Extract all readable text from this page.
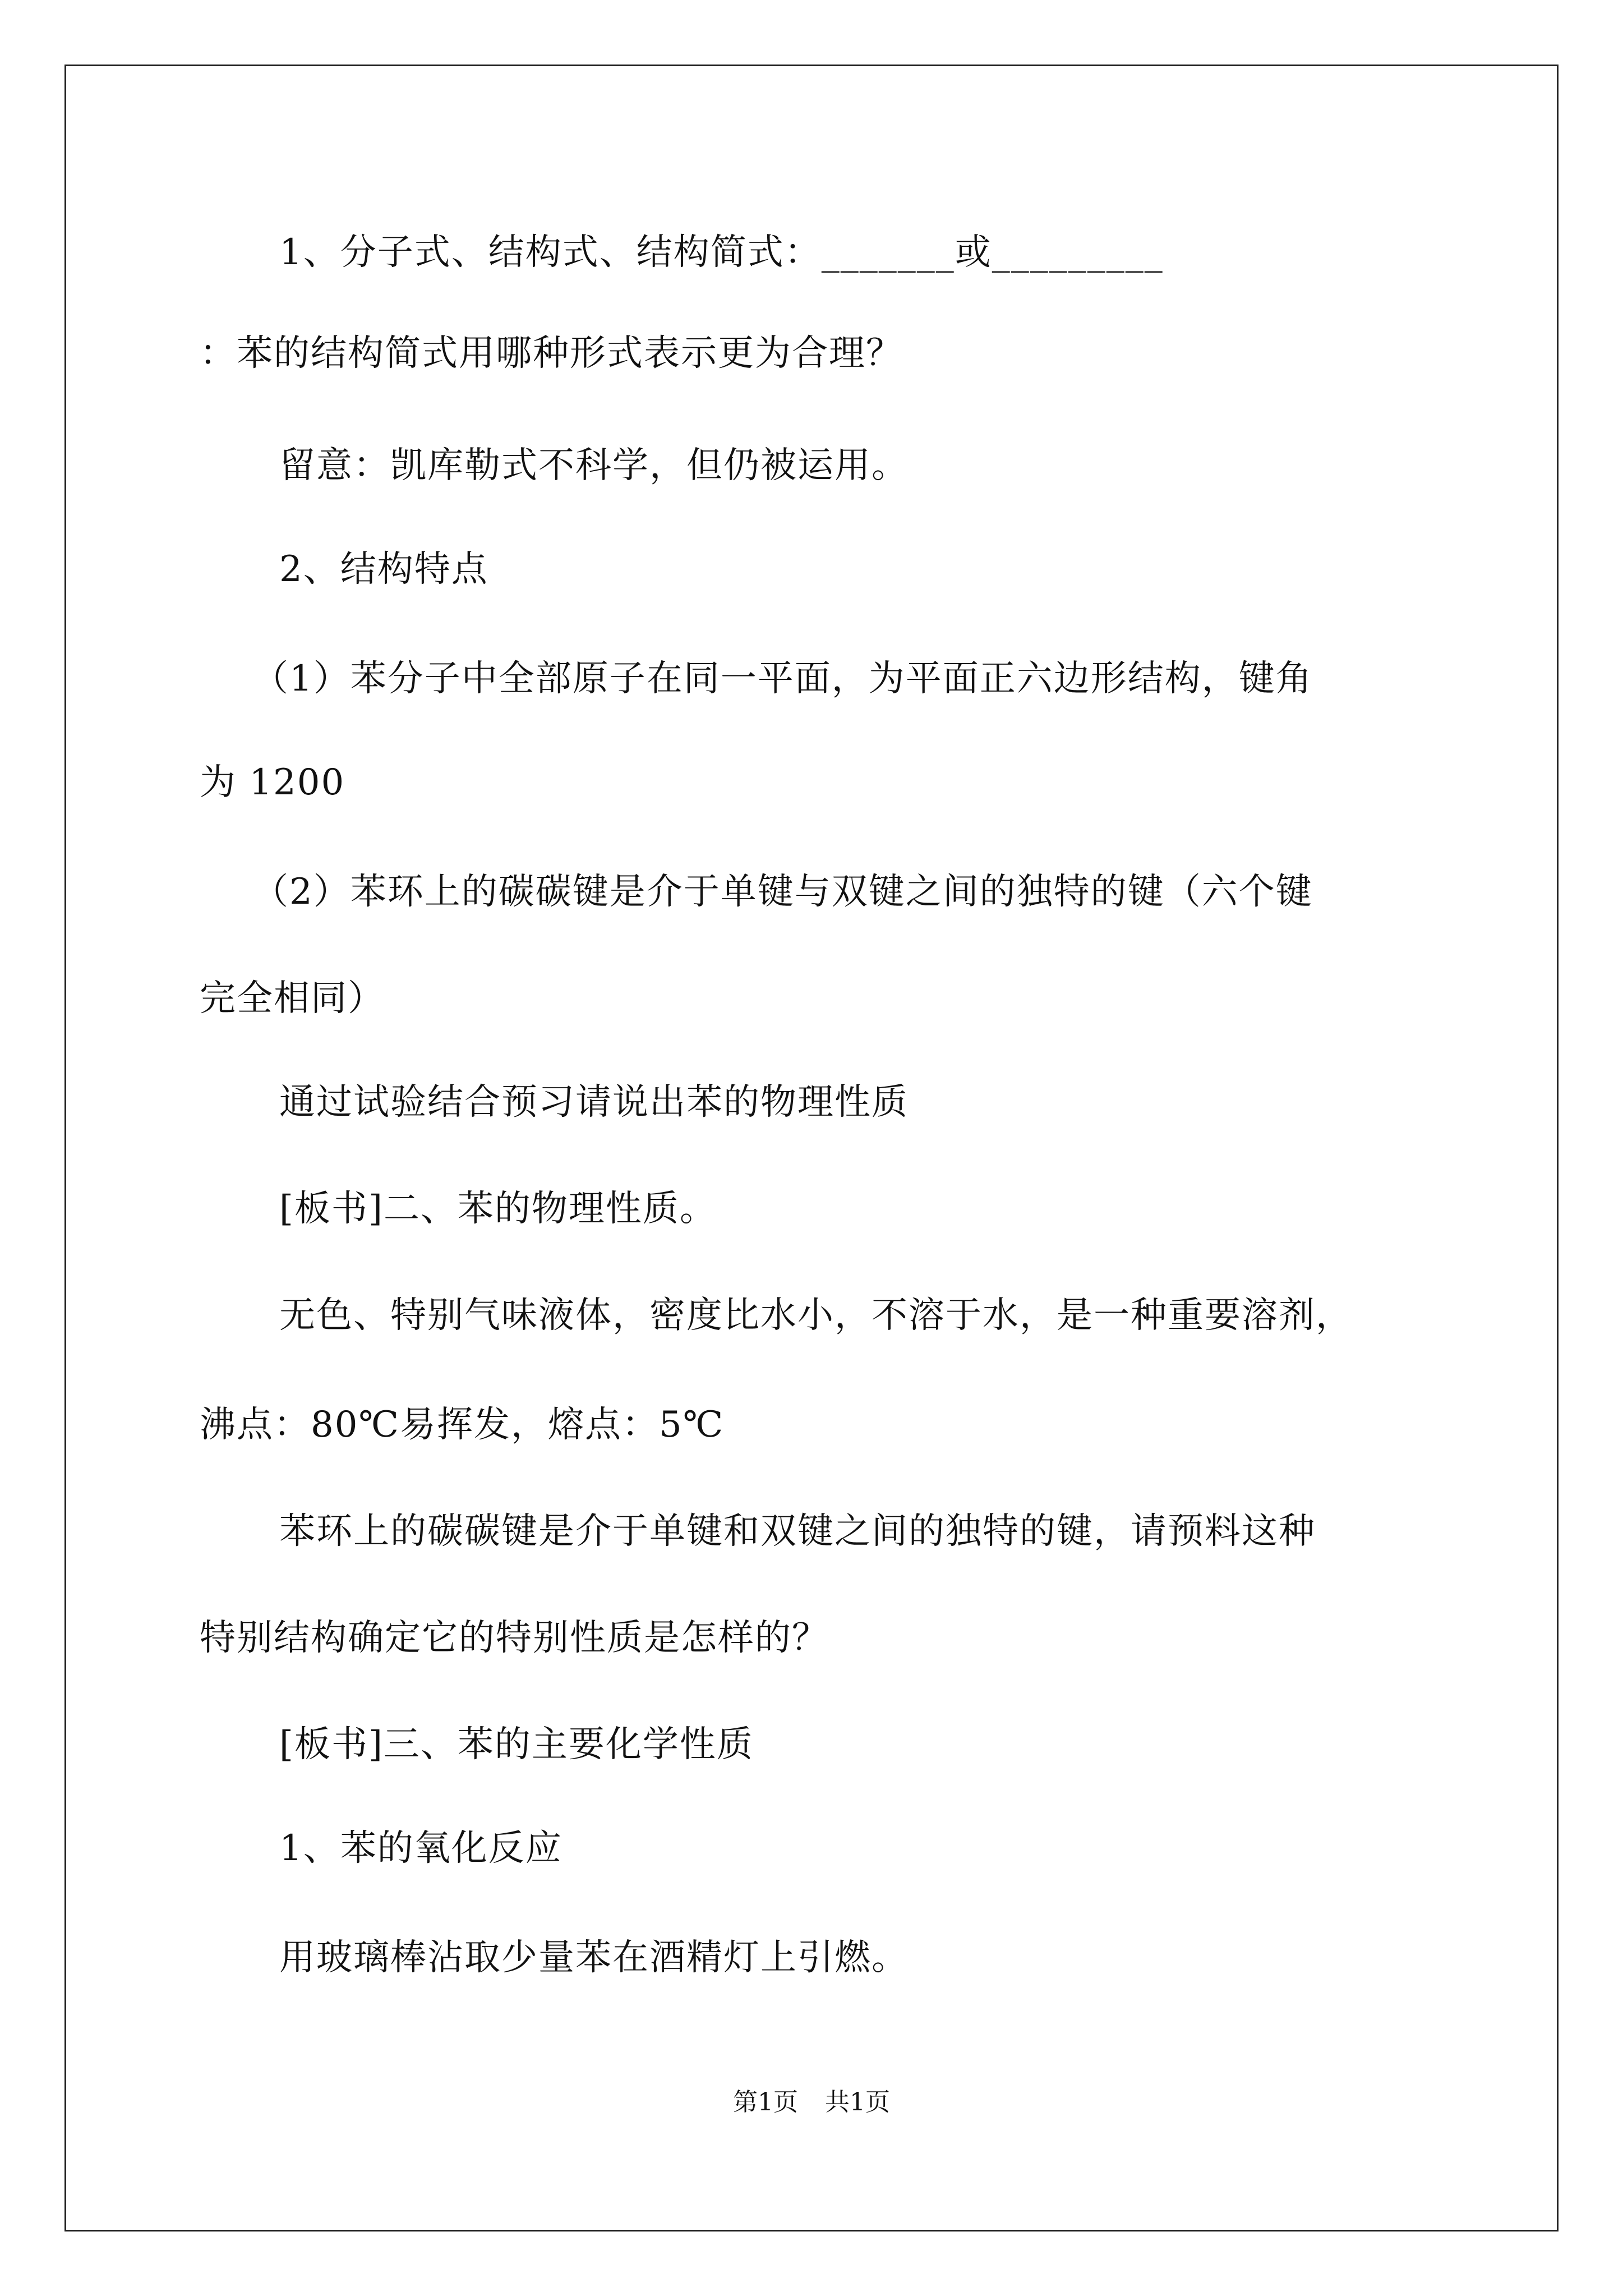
1、分子式、结构式、结构简式：_______或_________
：苯的结构简式用哪种形式表示更为合理？
留意：凯库勒式不科学，但仍被运用。
2、结构特点
（1）苯分子中全部原子在同一平面，为平面正六边形结构，键角
为 1200
（2）苯环上的碳碳键是介于单键与双键之间的独特的键（六个键
完全相同）
通过试验结合预习请说出苯的物理性质
[板书]二、苯的物理性质。
无色、特别气味液体，密度比水小，不溶于水，是一种重要溶剂，
沸点：80℃易挥发，熔点：5℃
苯环上的碳碳键是介于单键和双键之间的独特的键，请预料这种
特别结构确定它的特别性质是怎样的？
[板书]三、苯的主要化学性质
1、苯的氧化反应
用玻璃棒沾取少量苯在酒精灯上引燃。
第1页 共1页
